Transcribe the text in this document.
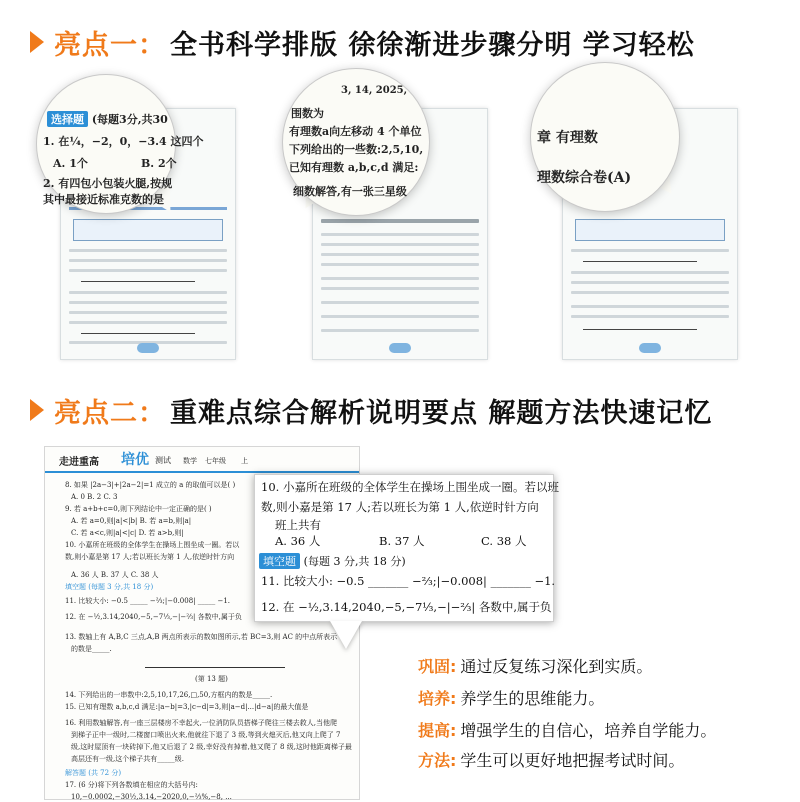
亮点一： 全书科学排版 徐徐渐进步骤分明 学习轻松
选择题 (每题3分,共30
1. 在¼，−2，0，−3.4 这四个
A. 1个	B. 2个
2. 有四包小包装火腿,按规
其中最接近标准克数的是
3, 14, 2025,
围数为
有理数a向左移动 4 个单位
下列给出的一些数:2,5,10,
已知有理数 a,b,c,d 满足:
细数解答,有一张三星级
章 有理数
理数综合卷(A)
亮点二： 重难点综合解析说明要点 解题方法快速记忆
走进重高 培优 测试 数学 七年级 上
8. 如果 |2a−3|+|2a−2|=1 成立的 a 的取值可以是( )
A. 0 B. 2 C. 3
9. 若 a+b+c=0,则下列结论中一定正确的是( )
A. 若 a=0,则|a|<|b| B. 若 a=b,则|a|
C. 若 a<c,则|a|<|c| D. 若 a>b,则|
10. 小嘉所在班级的全体学生在操场上围坐成一圈。若以
数,则小嘉是第 17 人;若以班长为第 1 人,依逆时针方向
A. 36 人 B. 37 人 C. 38 人
填空题 (每题 3 分,共 18 分)
11. 比较大小: −0.5 _____ −⅔;|−0.008| _____ −1.
12. 在 −½,3.14,2040,−5,−7⅓,−|−⅔| 各数中,属于负
13. 数轴上有 A,B,C 三点,A,B 两点所表示的数如图所示,若 BC=3,则 AC 的中点所表示
的数是_____.
(第 13 题)
14. 下列给出的一串数中:2,5,10,17,26,□,50,方框内的数是_____.
15. 已知有理数 a,b,c,d 满足:|a−b|=3,|c−d|=3,则|a−d|...|d−a|的最大值是
16. 利用数轴解答,有一座三层楼房不幸起火,一位消防队员搭梯子爬往三楼去救人,当他爬
到梯子正中一级时,二楼窗口喷出火来,他就往下退了 3 级,等到火熄灭后,他又向上爬了 7
级,这时屋顶有一块砖掉下,他又后退了 2 级,幸好没有掉着,他又爬了 8 级,这时他距离梯子最
高层还有一级,这个梯子共有_____级.
解答题 (共 72 分)
17. (6 分)将下列各数填在相应的大括号内:
10,−0.0002,−30½,3.14,−2020,0,−⅔%,−8, ...
10. 小嘉所在班级的全体学生在操场上围坐成一圈。若以班
数,则小嘉是第 17 人;若以班长为第 1 人,依逆时针方向
班上共有
A. 36 人	B. 37 人	C. 38 人
填空题 (每题 3 分,共 18 分)
11. 比较大小: −0.5 _______ −⅔;|−0.008| _______ −1.
12. 在 −½,3.14,2040,−5,−7⅓,−|−⅔| 各数中,属于负
巩固: 通过反复练习深化到实质。
培养: 养学生的思维能力。
提高: 增强学生的自信心，培养自学能力。
方法: 学生可以更好地把握考试时间。
